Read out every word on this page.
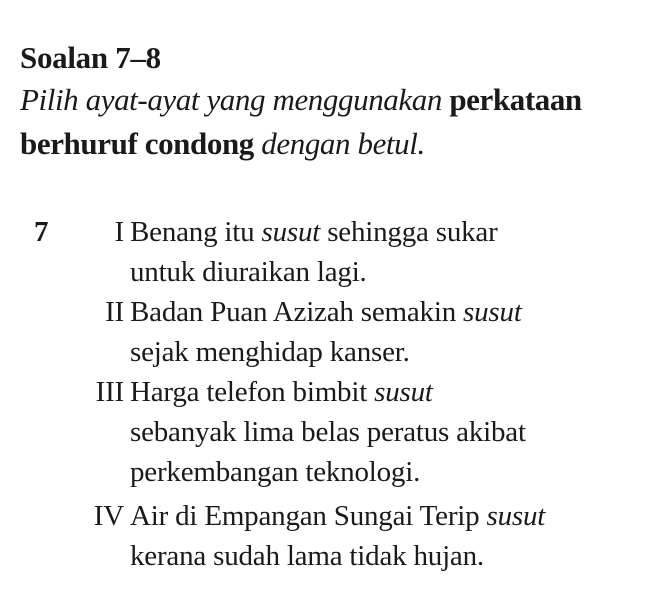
Soalan 7–8
Pilih ayat-ayat yang menggunakan perkataan
berhuruf condong dengan betul.
7	I Benang itu susut sehingga sukar
untuk diuraikan lagi.
II Badan Puan Azizah semakin susut
sejak menghidap kanser.
III Harga telefon bimbit susut
sebanyak lima belas peratus akibat
perkembangan teknologi.
IV Air di Empangan Sungai Terip susut
kerana sudah lama tidak hujan.
